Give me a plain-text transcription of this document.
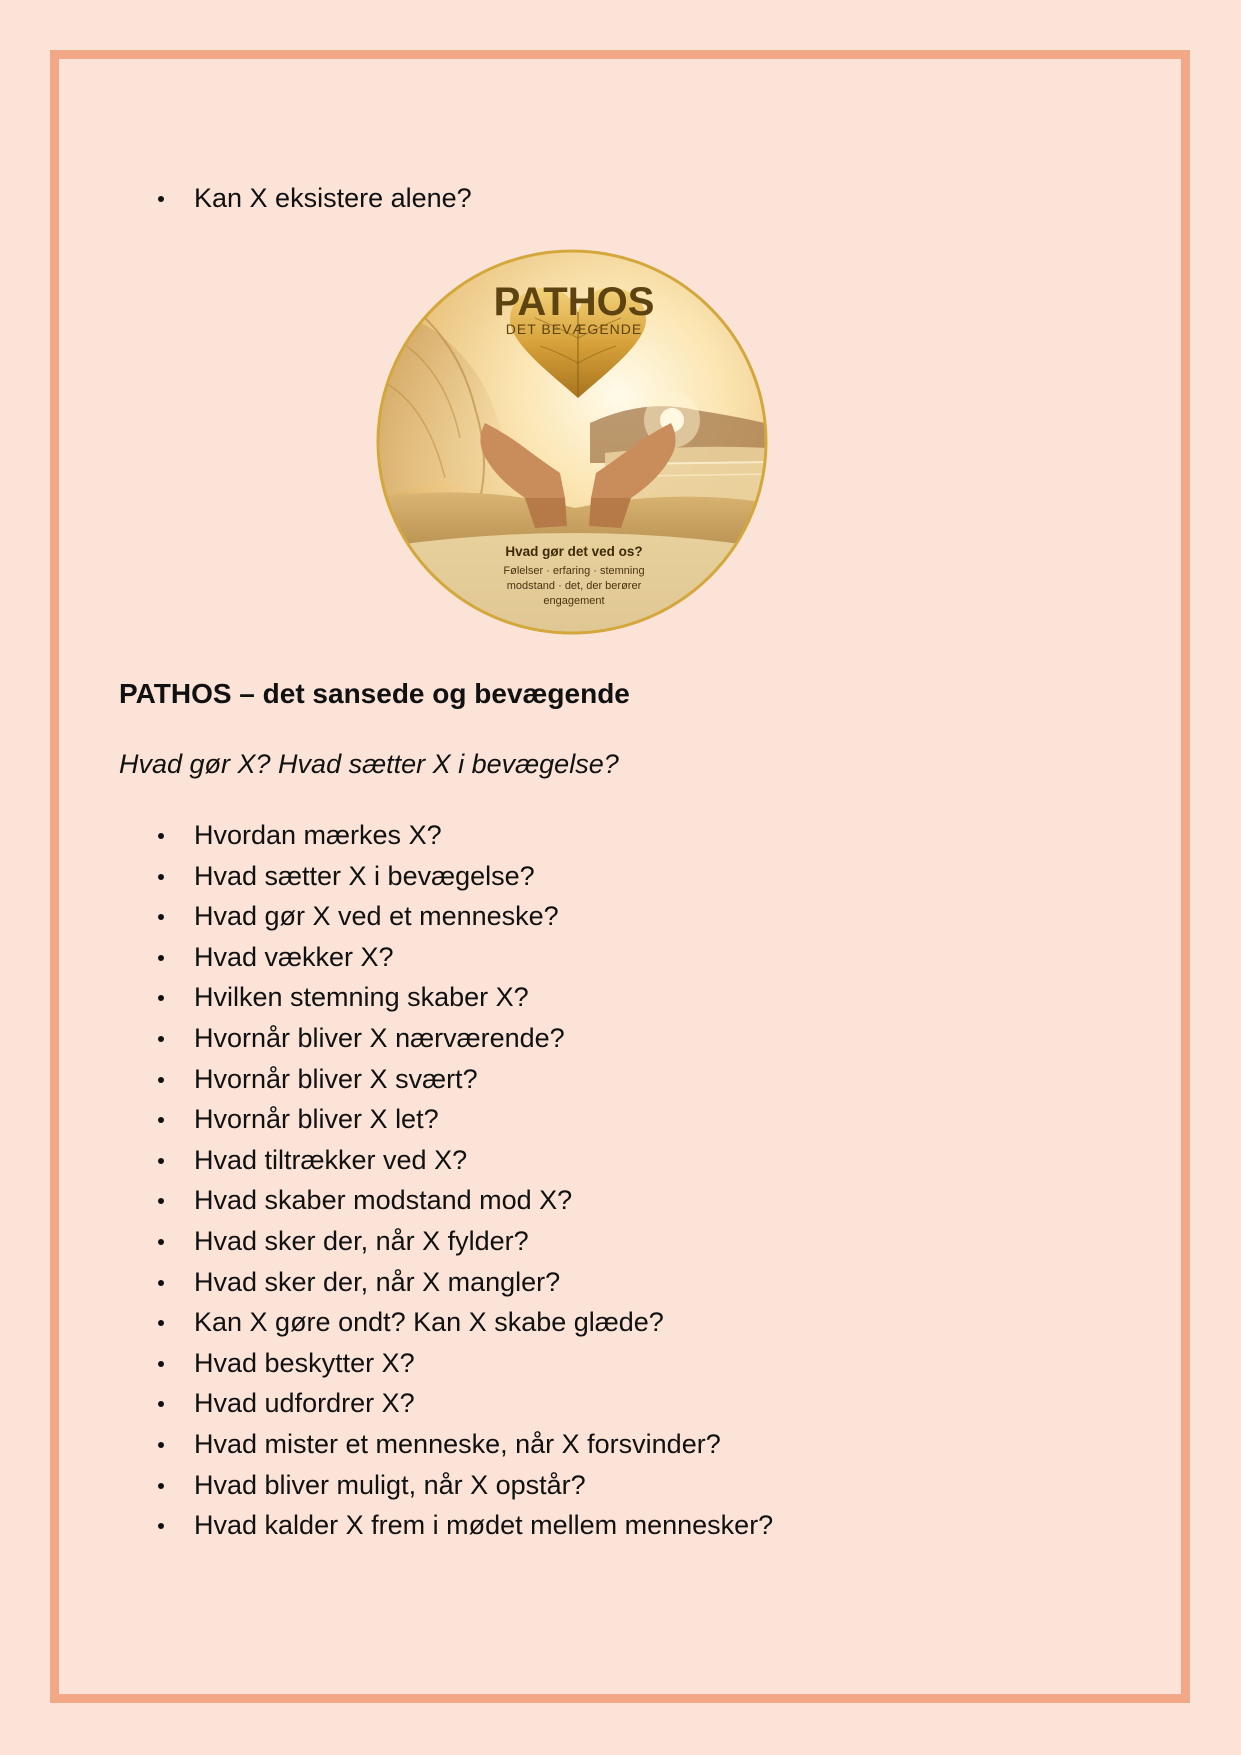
Kan X eksistere alene?
PATHOS
DET BEVÆGENDE
Hvad gør det ved os?
Følelser · erfaring · stemning
modstand · det, der berører
engagement
PATHOS – det sansede og bevægende

Hvad gør X? Hvad sætter X i bevægelse?

Hvordan mærkes X?
Hvad sætter X i bevægelse?
Hvad gør X ved et menneske?
Hvad vækker X?
Hvilken stemning skaber X?
Hvornår bliver X nærværende?
Hvornår bliver X svært?
Hvornår bliver X let?
Hvad tiltrækker ved X?
Hvad skaber modstand mod X?
Hvad sker der, når X fylder?
Hvad sker der, når X mangler?
Kan X gøre ondt? Kan X skabe glæde?
Hvad beskytter X?
Hvad udfordrer X?
Hvad mister et menneske, når X forsvinder?
Hvad bliver muligt, når X opstår?
Hvad kalder X frem i mødet mellem mennesker?
